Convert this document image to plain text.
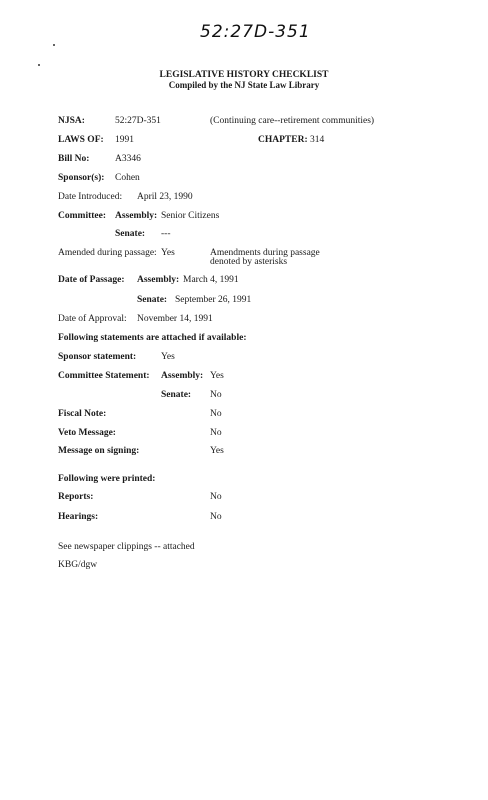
52:27D-351
LEGISLATIVE HISTORY CHECKLIST
Compiled by the NJ State Law Library
NJSA:	52:27D-351	(Continuing care--retirement communities)
LAWS OF: 1991	CHAPTER: 314
Bill No:	A3346
Sponsor(s): Cohen
Date Introduced: April 23, 1990
Committee: Assembly: Senior Citizens
Senate: ---
Amended during passage: Yes	Amendments during passage
denoted by asterisks
Date of Passage: Assembly: March 4, 1991
Senate: September 26, 1991
Date of Approval: November 14, 1991
Following statements are attached if available:
Sponsor statement:	Yes
Committee Statement: Assembly: Yes
Senate: No
Fiscal Note:	No
Veto Message:	No
Message on signing:	Yes
Following were printed:
Reports:	No
Hearings:	No
See newspaper clippings -- attached
KBG/dgw
